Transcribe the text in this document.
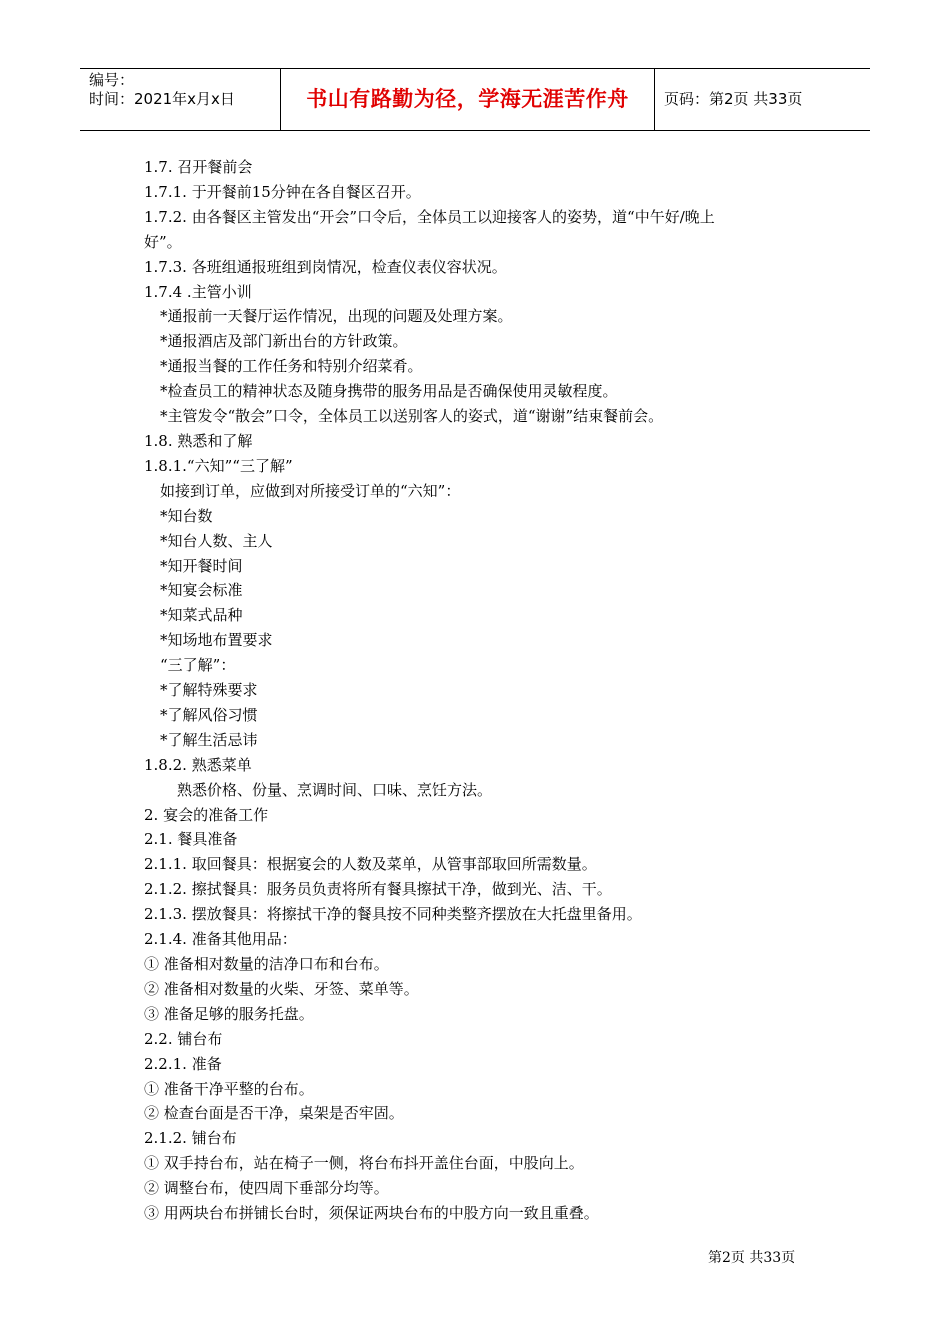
编号：
时间：2021年x月x日	书山有路勤为径，学海无涯苦作舟	页码：第2页 共33页

1.7. 召开餐前会

1.7.1. 于开餐前15分钟在各自餐区召开。

1.7.2. 由各餐区主管发出“开会”口令后，全体员工以迎接客人的姿势，道“中午好/晚上

好”。

1.7.3. 各班组通报班组到岗情况，检查仪表仪容状况。

1.7.4 .主管小训

*通报前一天餐厅运作情况，出现的问题及处理方案。

*通报酒店及部门新出台的方针政策。

*通报当餐的工作任务和特别介绍菜肴。

*检查员工的精神状态及随身携带的服务用品是否确保使用灵敏程度。

*主管发令“散会”口令，全体员工以送别客人的姿式，道“谢谢”结束餐前会。

1.8. 熟悉和了解

1.8.1.“六知”“三了解”

如接到订单，应做到对所接受订单的“六知”：

*知台数

*知台人数、主人

*知开餐时间

*知宴会标准

*知菜式品种

*知场地布置要求

“三了解”：

*了解特殊要求

*了解风俗习惯

*了解生活忌讳

1.8.2. 熟悉菜单

熟悉价格、份量、烹调时间、口味、烹饪方法。

2. 宴会的准备工作

2.1. 餐具准备

2.1.1. 取回餐具：根据宴会的人数及菜单，从管事部取回所需数量。

2.1.2. 擦拭餐具：服务员负责将所有餐具擦拭干净，做到光、洁、干。

2.1.3. 摆放餐具：将擦拭干净的餐具按不同种类整齐摆放在大托盘里备用。

2.1.4. 准备其他用品：

① 准备相对数量的洁净口布和台布。

② 准备相对数量的火柴、牙签、菜单等。

③ 准备足够的服务托盘。

2.2. 铺台布

2.2.1. 准备

① 准备干净平整的台布。

② 检查台面是否干净，桌架是否牢固。

2.1.2. 铺台布

① 双手持台布，站在椅子一侧，将台布抖开盖住台面，中股向上。

② 调整台布，使四周下垂部分均等。

③ 用两块台布拼铺长台时，须保证两块台布的中股方向一致且重叠。

第2页 共33页
